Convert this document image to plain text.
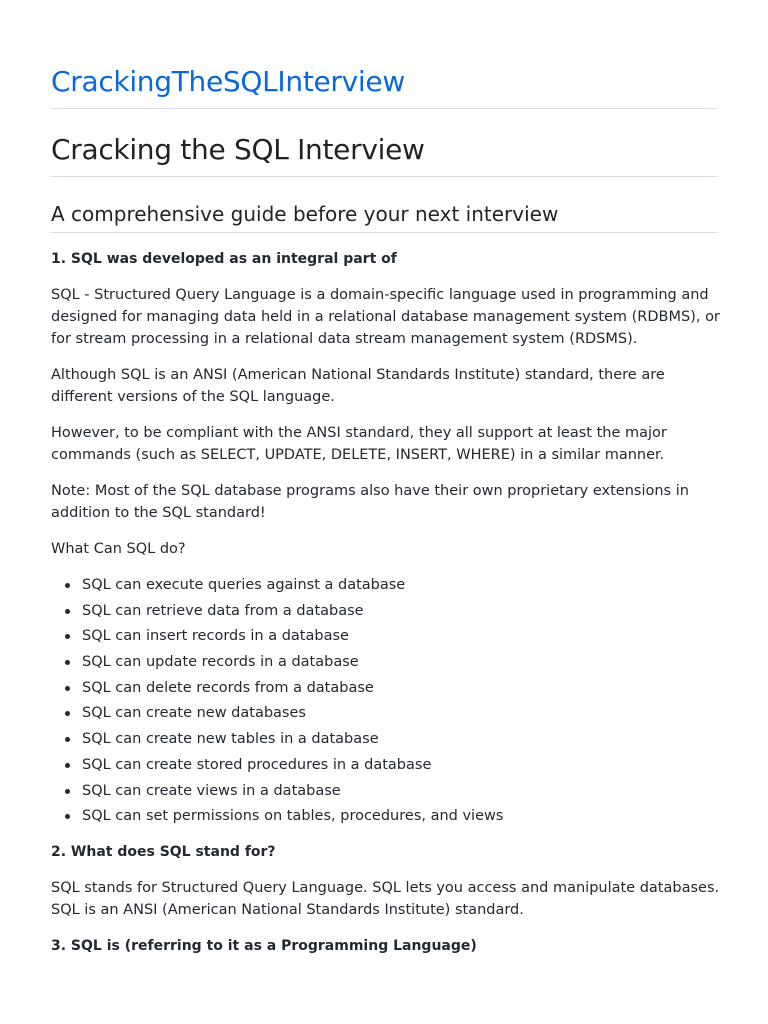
CrackingTheSQLInterview
Cracking the SQL Interview
A comprehensive guide before your next interview
1. SQL was developed as an integral part of

SQL - Structured Query Language is a domain-specific language used in programming and designed for managing data held in a relational database management system (RDBMS), or for stream processing in a relational data stream management system (RDSMS).

Although SQL is an ANSI (American National Standards Institute) standard, there are different versions of the SQL language.

However, to be compliant with the ANSI standard, they all support at least the major commands (such as SELECT, UPDATE, DELETE, INSERT, WHERE) in a similar manner.

Note: Most of the SQL database programs also have their own proprietary extensions in addition to the SQL standard!

What Can SQL do?

SQL can execute queries against a database
SQL can retrieve data from a database
SQL can insert records in a database
SQL can update records in a database
SQL can delete records from a database
SQL can create new databases
SQL can create new tables in a database
SQL can create stored procedures in a database
SQL can create views in a database
SQL can set permissions on tables, procedures, and views
2. What does SQL stand for?

SQL stands for Structured Query Language. SQL lets you access and manipulate databases. SQL is an ANSI (American National Standards Institute) standard.

3. SQL is (referring to it as a Programming Language)
